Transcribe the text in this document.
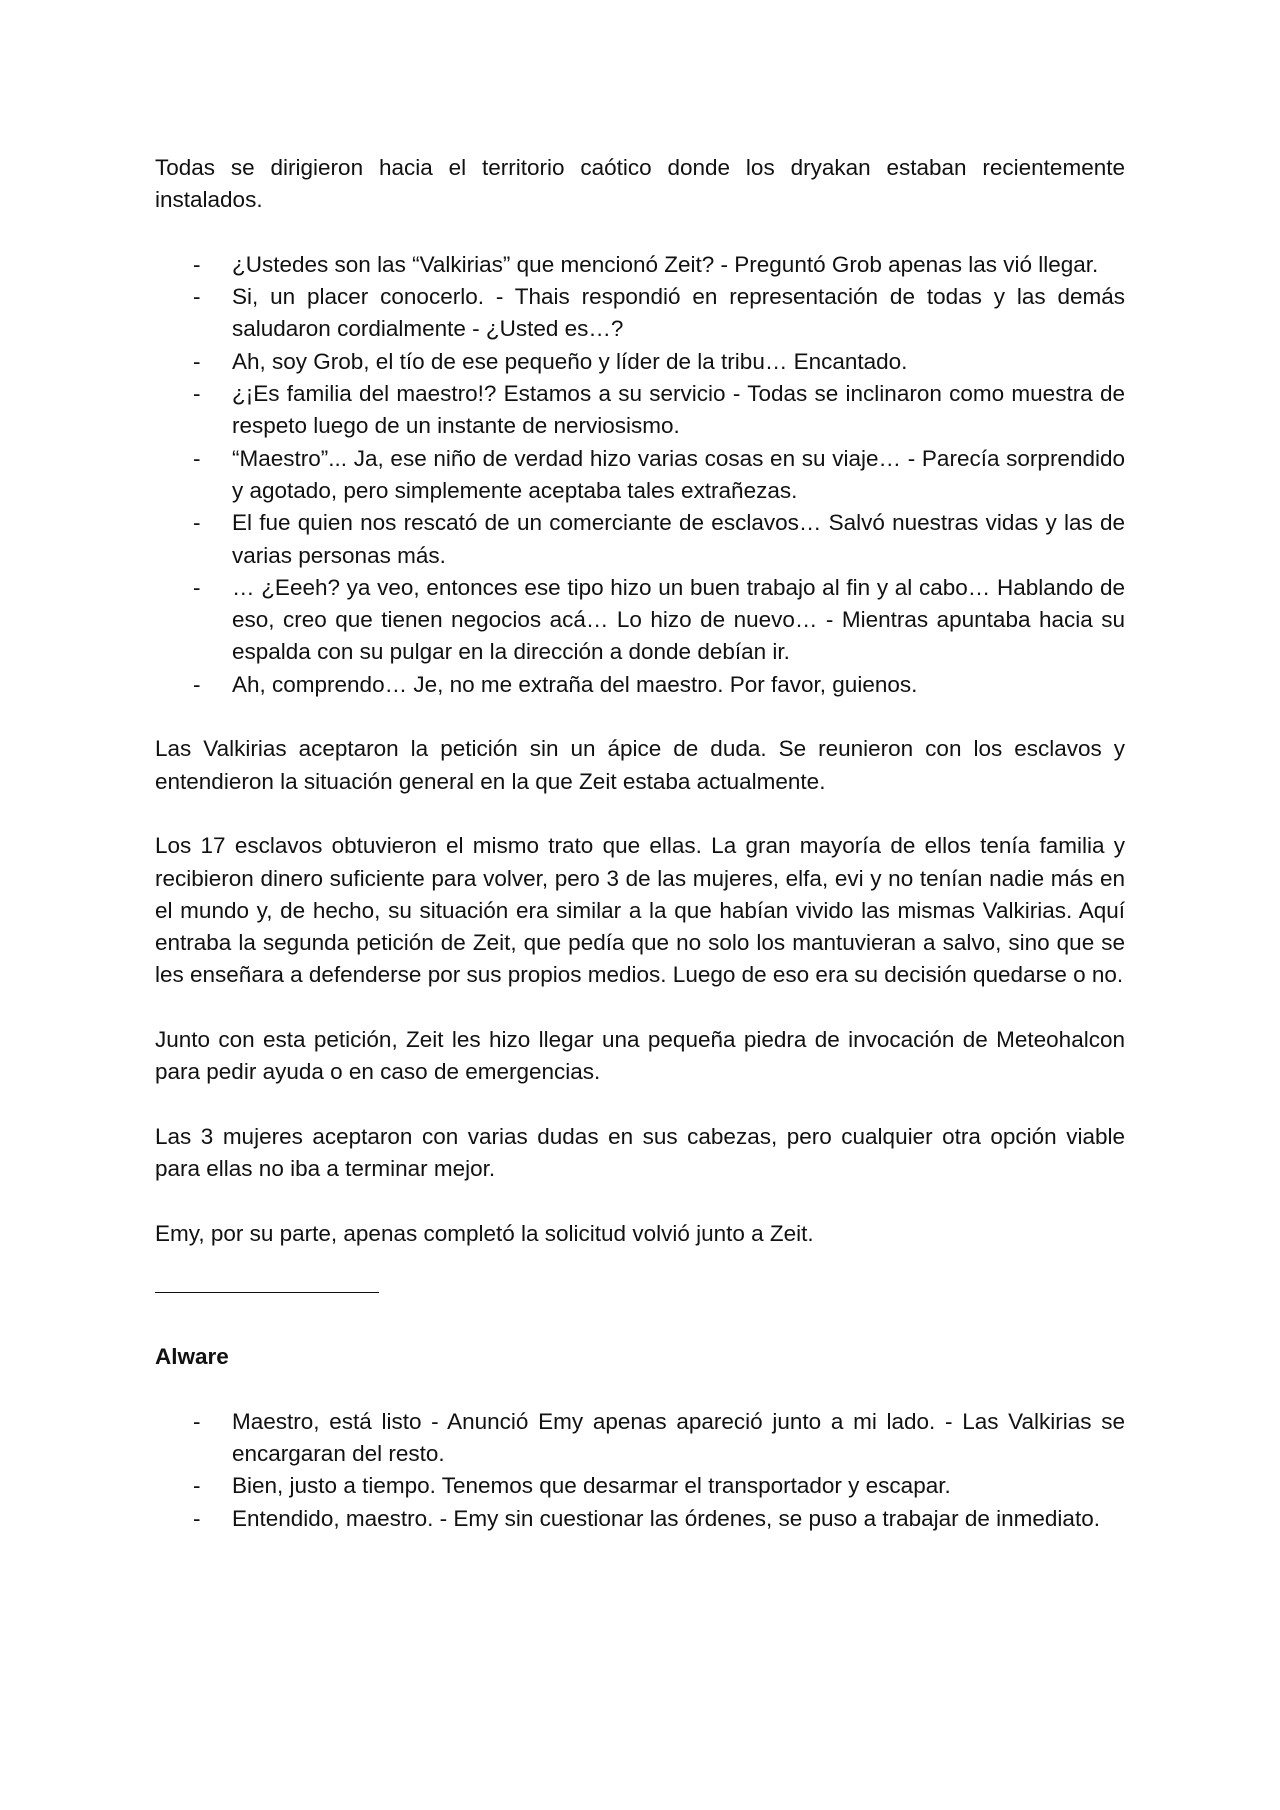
Todas se dirigieron hacia el territorio caótico donde los dryakan estaban recientemente instalados.

- ¿Ustedes son las “Valkirias” que mencionó Zeit? - Preguntó Grob apenas las vió llegar.
- Si, un placer conocerlo. - Thais respondió en representación de todas y las demás saludaron cordialmente - ¿Usted es…?
- Ah, soy Grob, el tío de ese pequeño y líder de la tribu… Encantado.
- ¿¡Es familia del maestro!? Estamos a su servicio - Todas se inclinaron como muestra de respeto luego de un instante de nerviosismo.
- “Maestro”... Ja, ese niño de verdad hizo varias cosas en su viaje… - Parecía sorprendido y agotado, pero simplemente aceptaba tales extrañezas.
- El fue quien nos rescató de un comerciante de esclavos… Salvó nuestras vidas y las de varias personas más.
- … ¿Eeeh? ya veo, entonces ese tipo hizo un buen trabajo al fin y al cabo… Hablando de eso, creo que tienen negocios acá… Lo hizo de nuevo… - Mientras apuntaba hacia su espalda con su pulgar en la dirección a donde debían ir.
- Ah, comprendo… Je, no me extraña del maestro. Por favor, guienos.

Las Valkirias aceptaron la petición sin un ápice de duda. Se reunieron con los esclavos y entendieron la situación general en la que Zeit estaba actualmente.

Los 17 esclavos obtuvieron el mismo trato que ellas. La gran mayoría de ellos tenía familia y recibieron dinero suficiente para volver, pero 3 de las mujeres, elfa, evi y no tenían nadie más en el mundo y, de hecho, su situación era similar a la que habían vivido las mismas Valkirias. Aquí entraba la segunda petición de Zeit, que pedía que no solo los mantuvieran a salvo, sino que se les enseñara a defenderse por sus propios medios. Luego de eso era su decisión quedarse o no.

Junto con esta petición, Zeit les hizo llegar una pequeña piedra de invocación de Meteohalcon para pedir ayuda o en caso de emergencias.

Las 3 mujeres aceptaron con varias dudas en sus cabezas, pero cualquier otra opción viable para ellas no iba a terminar mejor.

Emy, por su parte, apenas completó la solicitud volvió junto a Zeit.

Alware

- Maestro, está listo - Anunció Emy apenas apareció junto a mi lado. - Las Valkirias se encargaran del resto.
- Bien, justo a tiempo. Tenemos que desarmar el transportador y escapar.
- Entendido, maestro. - Emy sin cuestionar las órdenes, se puso a trabajar de inmediato.
